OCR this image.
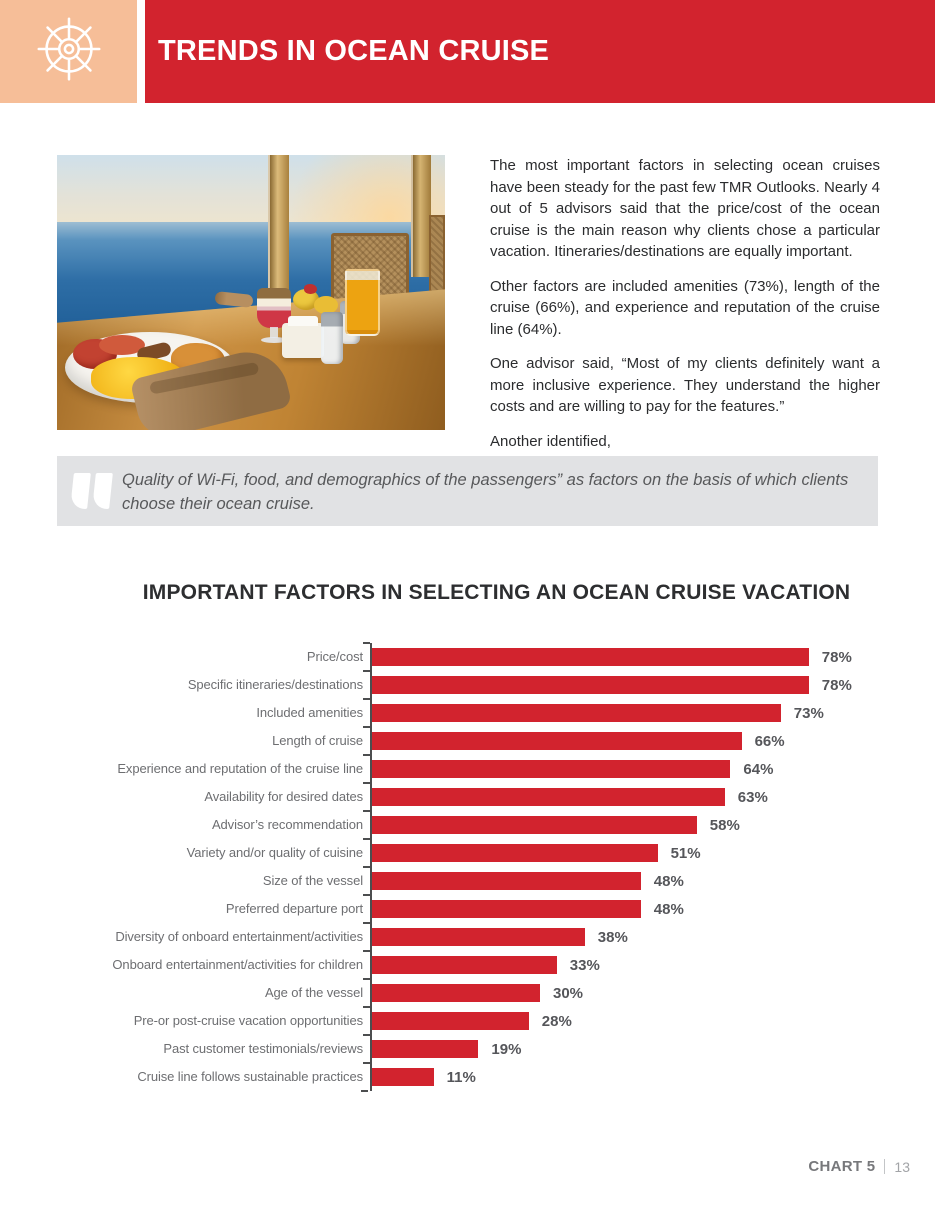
TRENDS IN OCEAN CRUISE

The most important factors in selecting ocean cruises have been steady for the past few TMR Outlooks. Nearly 4 out of 5 advisors said that the price/cost of the ocean cruise is the main reason why clients chose a particular vacation. Itineraries/destinations are equally important.

Other factors are included amenities (73%), length of the cruise (66%), and experience and reputation of the cruise line (64%).

One advisor said, “Most of my clients definitely want a more inclusive experience. They understand the higher costs and are willing to pay for the features.”

Another identified,

Quality of Wi-Fi, food, and demographics of the passengers” as factors on the basis of which clients choose their ocean cruise.
IMPORTANT FACTORS IN SELECTING AN OCEAN CRUISE VACATION
Price/cost	78%
Specific itineraries/destinations	78%
Included amenities	73%
Length of cruise	66%
Experience and reputation of the cruise line	64%
Availability for desired dates	63%
Advisor’s recommendation	58%
Variety and/or quality of cuisine	51%
Size of the vessel	48%
Preferred departure port	48%
Diversity of onboard entertainment/activities	38%
Onboard entertainment/activities for children	33%
Age of the vessel	30%
Pre-or post-cruise vacation opportunities	28%
Past customer testimonials/reviews	19%
Cruise line follows sustainable practices	11%
CHART 5 13
